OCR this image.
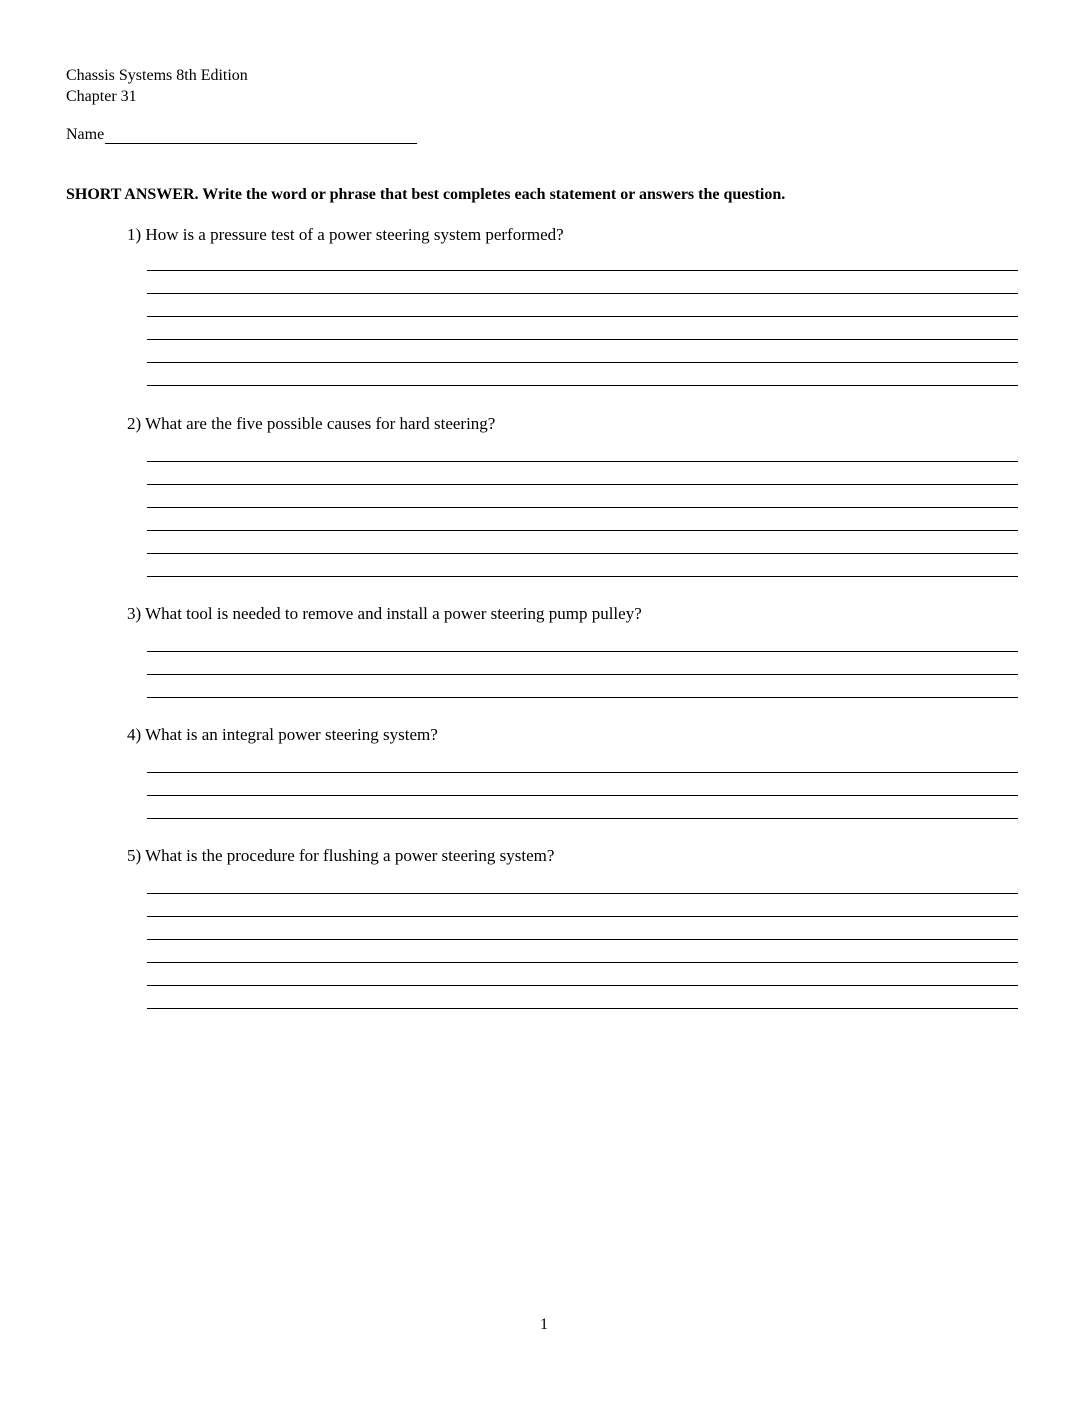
Chassis Systems 8th Edition
Chapter 31
Name
SHORT ANSWER. Write the word or phrase that best completes each statement or answers the question.
1) How is a pressure test of a power steering system performed?
2) What are the five possible causes for hard steering?
3) What tool is needed to remove and install a power steering pump pulley?
4) What is an integral power steering system?
5) What is the procedure for flushing a power steering system?
1
